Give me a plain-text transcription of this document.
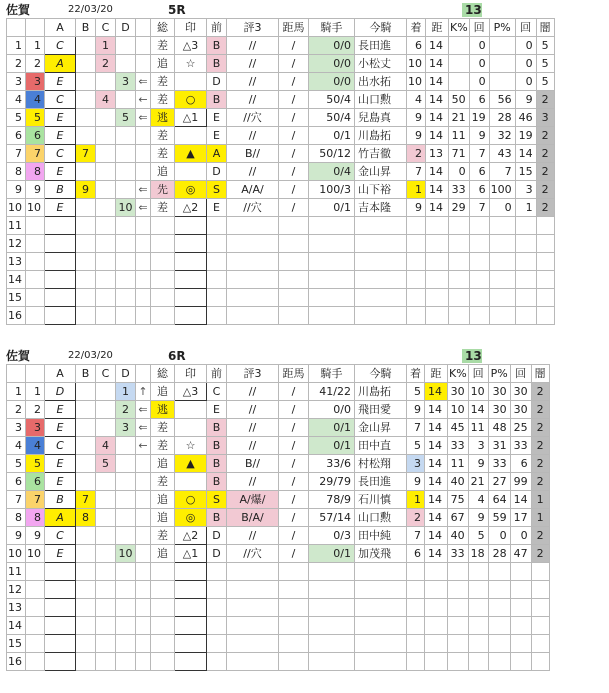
佐賀	22/03/20	5R	13
		A	B	C	D		総	印	前	評3	距馬	騎手	今騎	着	距	K%	回	P%	回	闇
1	1	C		1			差	△3	B	//	/	0/0	長田進	6	14		0		0	5
2	2	A		2			追	☆	B	//	/	0/0	小松丈	10	14		0		0	5
3	3	E			3	⇐	差		D	//	/	0/0	出水拓	10	14		0		0	5
4	4	C		4		←	差	○	B	//	/	50/4	山口勲	4	14	50	6	56	9	2
5	5	E			5	⇐	逃	△1	E	//穴	/	50/4	兒島真	9	14	21	19	28	46	3
6	6	E					差		E	//	/	0/1	川島拓	9	14	11	9	32	19	2
7	7	C	7				差	▲	A	B//	/	50/12	竹吉徹	2	13	71	7	43	14	2
8	8	E					追		D	//	/	0/4	金山昇	7	14	0	6	7	15	2
9	9	B	9			⇐	先	◎	S	A/A/	/	100/3	山下裕	1	14	33	6	100	3	2
10	10	E			10	⇐	差	△2	E	//穴	/	0/1	吉本隆	9	14	29	7	0	1	2
11																				
12																				
13																				
14																				
15																				
16																				
佐賀	22/03/20	6R	13
		A	B	C	D		総	印	前	評3	距馬	騎手	今騎	着	距	K%	回	P%	回	闇
1	1	D			1	↑	追	△3	C	//	/	41/22	川島拓	5	14	30	10	30	30	2
2	2	E			2	⇐	逃		E	//	/	0/0	飛田愛	9	14	10	14	30	30	2
3	3	E			3	⇐	差		B	//	/	0/1	金山昇	7	14	45	11	48	25	2
4	4	C		4		←	差	☆	B	//	/	0/1	田中直	5	14	33	3	31	33	2
5	5	E		5			追	▲	B	B//	/	33/6	村松翔	3	14	11	9	33	6	2
6	6	E					差		B	//	/	29/79	長田進	9	14	40	21	27	99	2
7	7	B	7				追	○	S	A/爆/	/	78/9	石川慎	1	14	75	4	64	14	1
8	8	A	8				追	◎	B	B/A/	/	57/14	山口勲	2	14	67	9	59	17	1
9	9	C					差	△2	D	//	/	0/3	田中純	7	14	40	5	0	0	2
10	10	E			10		追	△1	D	//穴	/	0/1	加茂飛	6	14	33	18	28	47	2
11																				
12																				
13																				
14																				
15																				
16																				
